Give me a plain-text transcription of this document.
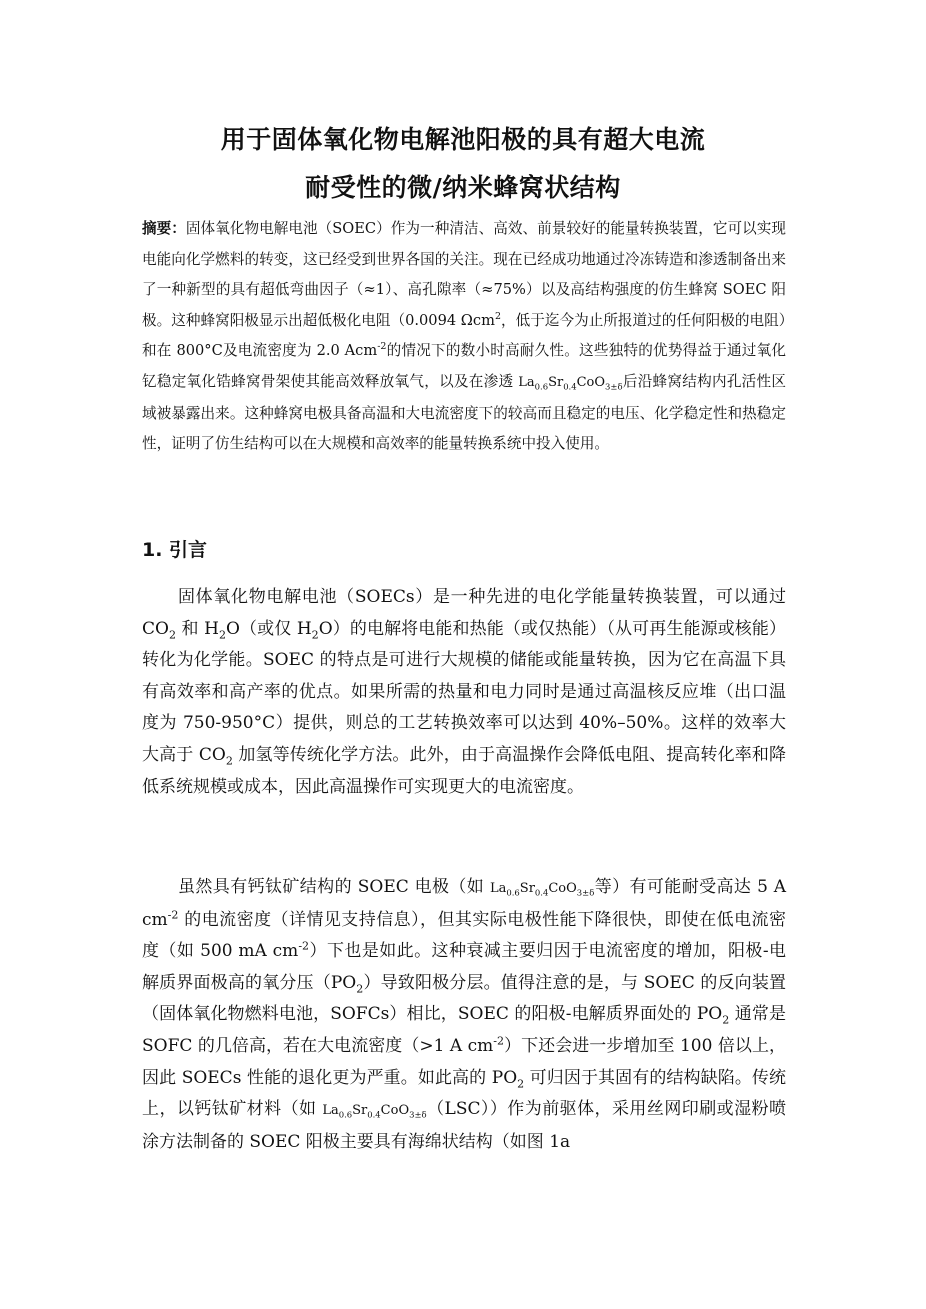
用于固体氧化物电解池阳极的具有超大电流
耐受性的微/纳米蜂窝状结构
摘要：固体氧化物电解电池（SOEC）作为一种清洁、高效、前景较好的能量转换装置，它可以实现电能向化学燃料的转变，这已经受到世界各国的关注。现在已经成功地通过冷冻铸造和渗透制备出来了一种新型的具有超低弯曲因子（≈1）、高孔隙率（≈75%）以及高结构强度的仿生蜂窝 SOEC 阳极。这种蜂窝阳极显示出超低极化电阻（0.0094 Ωcm$^2$，低于迄今为止所报道过的任何阳极的电阻）和在 800°C及电流密度为 2.0 Acm$^{-2}$的情况下的数小时高耐久性。这些独特的优势得益于通过氧化钇稳定氧化锆蜂窝骨架使其能高效释放氧气，以及在渗透 $La_{0.6}Sr_{0.4}CoO_{3\pm\delta}$后沿蜂窝结构内孔活性区域被暴露出来。这种蜂窝电极具备高温和大电流密度下的较高而且稳定的电压、化学稳定性和热稳定性，证明了仿生结构可以在大规模和高效率的能量转换系统中投入使用。
1. 引言
固体氧化物电解电池（SOECs）是一种先进的电化学能量转换装置，可以通过 $CO_2$ 和 $H_2O$（或仅 $H_2O$）的电解将电能和热能（或仅热能）（从可再生能源或核能）转化为化学能。SOEC 的特点是可进行大规模的储能或能量转换，因为它在高温下具有高效率和高产率的优点。如果所需的热量和电力同时是通过高温核反应堆（出口温度为 750-950°C）提供，则总的工艺转换效率可以达到 40%–50%。这样的效率大大高于 $CO_2$ 加氢等传统化学方法。此外，由于高温操作会降低电阻、提高转化率和降低系统规模或成本，因此高温操作可实现更大的电流密度。
虽然具有钙钛矿结构的 SOEC 电极（如 $La_{0.6}Sr_{0.4}CoO_{3\pm\delta}$等）有可能耐受高达 5 A $cm^{-2}$ 的电流密度（详情见支持信息），但其实际电极性能下降很快，即使在低电流密度（如 500 mA $cm^{-2}$）下也是如此。这种衰减主要归因于电流密度的增加，阳极-电解质界面极高的氧分压$(PO_2)$导致阳极分层。值得注意的是，与 SOEC 的反向装置（固体氧化物燃料电池，SOFCs）相比，SOEC 的阳极-电解质界面处的 $PO_2$ 通常是 SOFC 的几倍高，若在大电流密度（>1 A $cm^{-2}$）下还会进一步增加至 100 倍以上，因此 SOECs 性能的退化更为严重。如此高的 $PO_2$ 可归因于其固有的结构缺陷。传统上，以钙钛矿材料（如 $La_{0.6}Sr_{0.4}CoO_{3\pm\delta}(LSC)$）作为前驱体，采用丝网印刷或湿粉喷涂方法制备的 SOEC 阳极主要具有海绵状结构（如图 1a
